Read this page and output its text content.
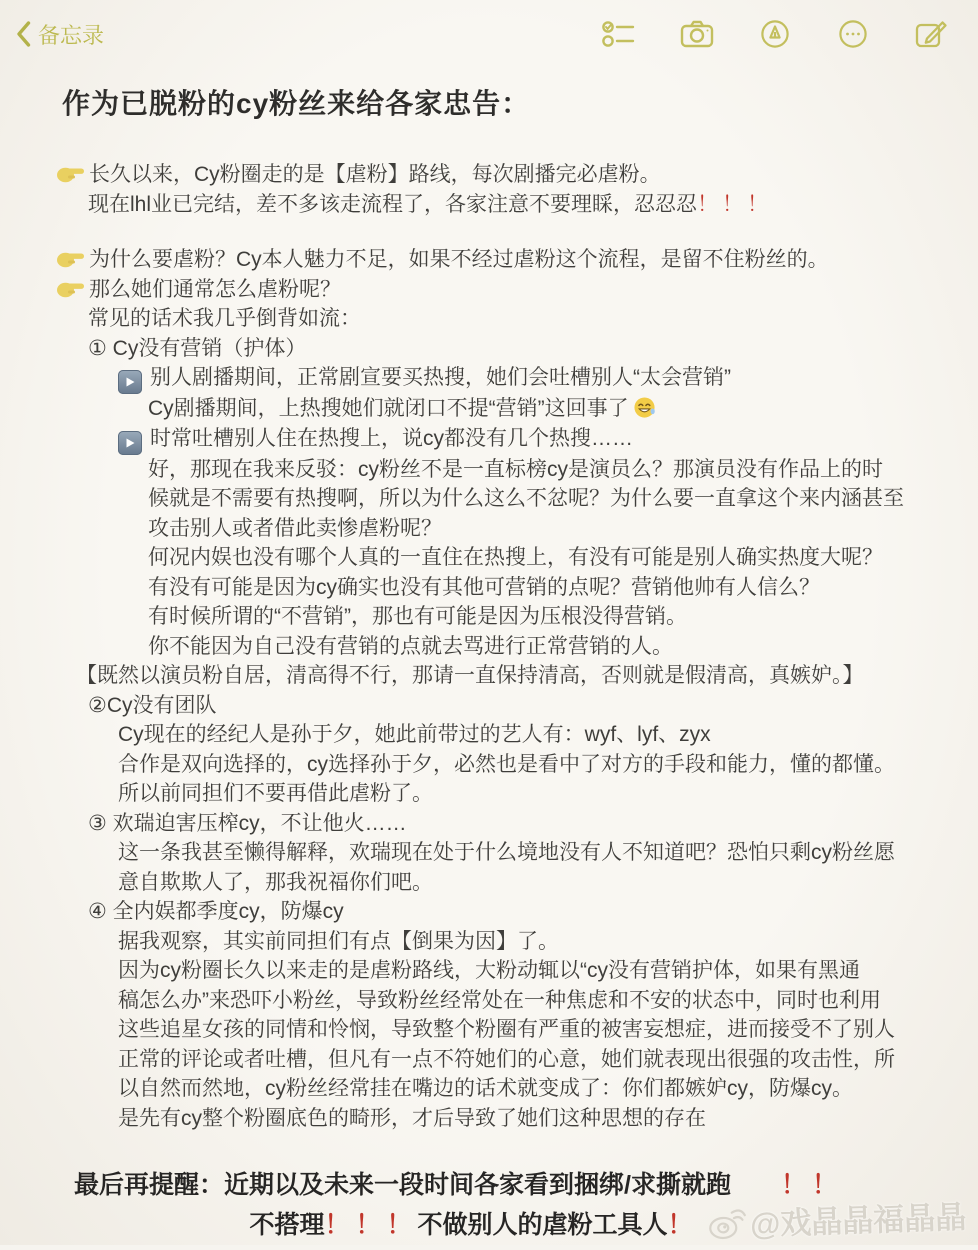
备忘录
作为已脱粉的cy粉丝来给各家忠告：
长久以来，Cy粉圈走的是【虐粉】路线，每次剧播完必虐粉。
现在lhl业已完结，差不多该走流程了，各家注意不要理睬，忍忍忍！！！
为什么要虐粉？Cy本人魅力不足，如果不经过虐粉这个流程，是留不住粉丝的。
那么她们通常怎么虐粉呢？
常见的话术我几乎倒背如流：
① Cy没有营销（护体）
别人剧播期间，正常剧宣要买热搜，她们会吐槽别人“太会营销”
Cy剧播期间，上热搜她们就闭口不提“营销”这回事了
时常吐槽别人住在热搜上，说cy都没有几个热搜……
好，那现在我来反驳：cy粉丝不是一直标榜cy是演员么？那演员没有作品上的时
候就是不需要有热搜啊，所以为什么这么不忿呢？为什么要一直拿这个来内涵甚至
攻击别人或者借此卖惨虐粉呢？
何况内娱也没有哪个人真的一直住在热搜上，有没有可能是别人确实热度大呢？
有没有可能是因为cy确实也没有其他可营销的点呢？营销他帅有人信么？
有时候所谓的“不营销”，那也有可能是因为压根没得营销。
你不能因为自己没有营销的点就去骂进行正常营销的人。
【既然以演员粉自居，清高得不行，那请一直保持清高，否则就是假清高，真嫉妒。】
②Cy没有团队
Cy现在的经纪人是孙于夕，她此前带过的艺人有：wyf、lyf、zyx
合作是双向选择的，cy选择孙于夕，必然也是看中了对方的手段和能力，懂的都懂。
所以前同担们不要再借此虐粉了。
③ 欢瑞迫害压榨cy，不让他火……
这一条我甚至懒得解释，欢瑞现在处于什么境地没有人不知道吧？恐怕只剩cy粉丝愿
意自欺欺人了，那我祝福你们吧。
④ 全内娱都季度cy，防爆cy
据我观察，其实前同担们有点【倒果为因】了。
因为cy粉圈长久以来走的是虐粉路线，大粉动辄以“cy没有营销护体，如果有黑通
稿怎么办”来恐吓小粉丝，导致粉丝经常处在一种焦虑和不安的状态中，同时也利用
这些追星女孩的同情和怜悯，导致整个粉圈有严重的被害妄想症，进而接受不了别人
正常的评论或者吐槽，但凡有一点不符她们的心意，她们就表现出很强的攻击性，所
以自然而然地，cy粉丝经常挂在嘴边的话术就变成了：你们都嫉妒cy，防爆cy。
是先有cy整个粉圈底色的畸形，才后导致了她们这种思想的存在
最后再提醒：近期以及未来一段时间各家看到捆绑/求撕就跑　　 ！！
不搭理！！！不做别人的虐粉工具人！	@戏晶晶福晶晶
